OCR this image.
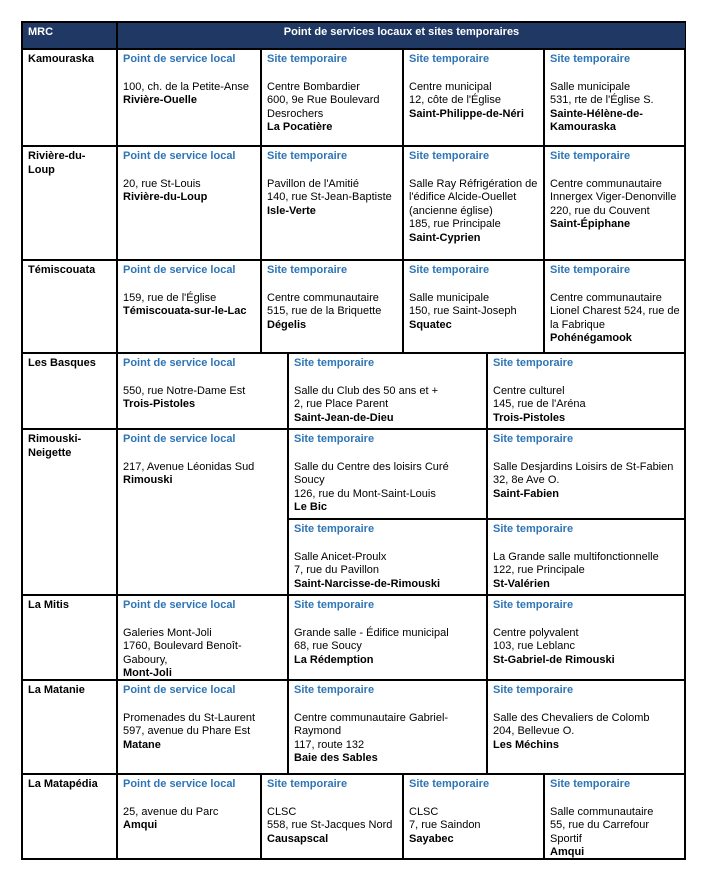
MRC	Point de services locaux et sites temporaires
Kamouraska	Point de service local
100, ch. de la Petite-Anse
Rivière-Ouelle
Site temporaire
Centre Bombardier
600, 9e Rue Boulevard Desrochers
La Pocatière
Site temporaire
Centre municipal
12, côte de l'Église
Saint-Philippe-de-Néri
Site temporaire
Salle municipale
531, rte de l'Église S.
Sainte-Hélène-de-Kamouraska
Rivière-du-Loup
Point de service local
20, rue St-Louis
Rivière-du-Loup
Site temporaire
Pavillon de l'Amitié
140, rue St-Jean-Baptiste
Isle-Verte
Site temporaire
Salle Ray Réfrigération de l'édifice Alcide-Ouellet (ancienne église)
185, rue Principale
Saint-Cyprien
Site temporaire
Centre communautaire Innergex Viger-Denonville
220, rue du Couvent
Saint-Épiphane
Témiscouata	Point de service local
159, rue de l'Église
Témiscouata-sur-le-Lac
Site temporaire
Centre communautaire
515, rue de la Briquette
Dégelis
Site temporaire
Salle municipale
150, rue Saint-Joseph
Squatec
Site temporaire
Centre communautaire Lionel Charest 524, rue de la Fabrique
Pohénégamook
Les Basques	Point de service local
550, rue Notre-Dame Est
Trois-Pistoles
Site temporaire
Salle du Club des 50 ans et +
2, rue Place Parent
Saint-Jean-de-Dieu
Site temporaire
Centre culturel
145, rue de l'Aréna
Trois-Pistoles
Rimouski-Neigette
Point de service local
217, Avenue Léonidas Sud
Rimouski
Site temporaire
Salle du Centre des loisirs Curé Soucy
126, rue du Mont-Saint-Louis
Le Bic
Site temporaire
Salle Desjardins Loisirs de St-Fabien
32, 8e Ave O.
Saint-Fabien
Site temporaire
Salle Anicet-Proulx
7, rue du Pavillon
Saint-Narcisse-de-Rimouski
Site temporaire
La Grande salle multifonctionnelle
122, rue Principale
St-Valérien
La Mitis	Point de service local
Galeries Mont-Joli
1760, Boulevard Benoît-Gaboury,
Mont-Joli
Site temporaire
Grande salle - Édifice municipal
68, rue Soucy
La Rédemption
Site temporaire
Centre polyvalent
103, rue Leblanc
St-Gabriel-de Rimouski
La Matanie	Point de service local
Promenades du St-Laurent
597, avenue du Phare Est
Matane
Site temporaire
Centre communautaire Gabriel-Raymond
117, route 132
Baie des Sables
Site temporaire
Salle des Chevaliers de Colomb
204, Bellevue O.
Les Méchins
La Matapédia	Point de service local
25, avenue du Parc
Amqui
Site temporaire
CLSC
558, rue St-Jacques Nord
Causapscal
Site temporaire
CLSC
7, rue Saindon
Sayabec
Site temporaire
Salle communautaire
55, rue du Carrefour Sportif
Amqui
